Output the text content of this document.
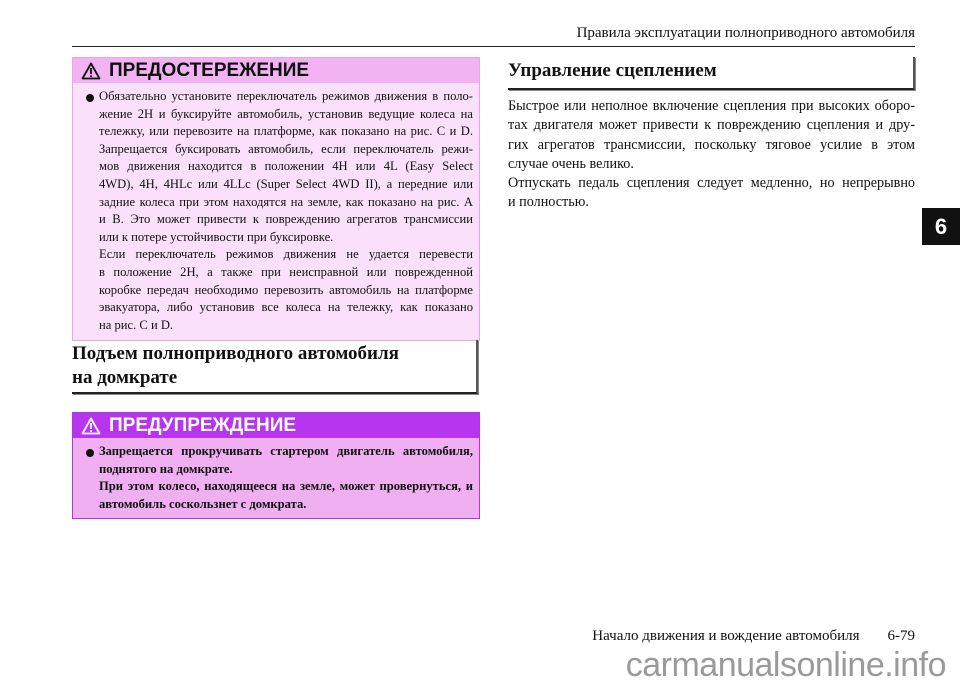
Правила эксплуатации полноприводного автомобиля
6
ПРЕДОСТЕРЕЖЕНИЕ
Обязательно установите переключатель режимов движения в поло-
жение 2H и буксируйте автомобиль, установив ведущие колеса на
тележку, или перевозите на платформе, как показано на рис. C и D.
Запрещается буксировать автомобиль, если переключатель режи-
мов движения находится в положении 4H или 4L (Easy Select
4WD), 4H, 4HLc или 4LLc (Super Select 4WD II), а передние или
задние колеса при этом находятся на земле, как показано на рис. A
и B. Это может привести к повреждению агрегатов трансмиссии
или к потере устойчивости при буксировке.
Если переключатель режимов движения не удается перевести
в положение 2H, а также при неисправной или поврежденной
коробке передач необходимо перевозить автомобиль на платформе
эвакуатора, либо установив все колеса на тележку, как показано
на рис. C и D.
Подъем полноприводного автомобиля
на домкрате
ПРЕДУПРЕЖДЕНИЕ
Запрещается прокручивать стартером двигатель автомобиля,
поднятого на домкрате.
При этом колесо, находящееся на земле, может провернуться, и
автомобиль соскользнет с домкрата.
Управление сцеплением
Быстрое или неполное включение сцепления при высоких оборо-
тах двигателя может привести к повреждению сцепления и дру-
гих агрегатов трансмиссии, поскольку тяговое усилие в этом
случае очень велико.
Отпускать педаль сцепления следует медленно, но непрерывно
и полностью.
Начало движения и вождение автомобиля 6-79
carmanualsonline.info
